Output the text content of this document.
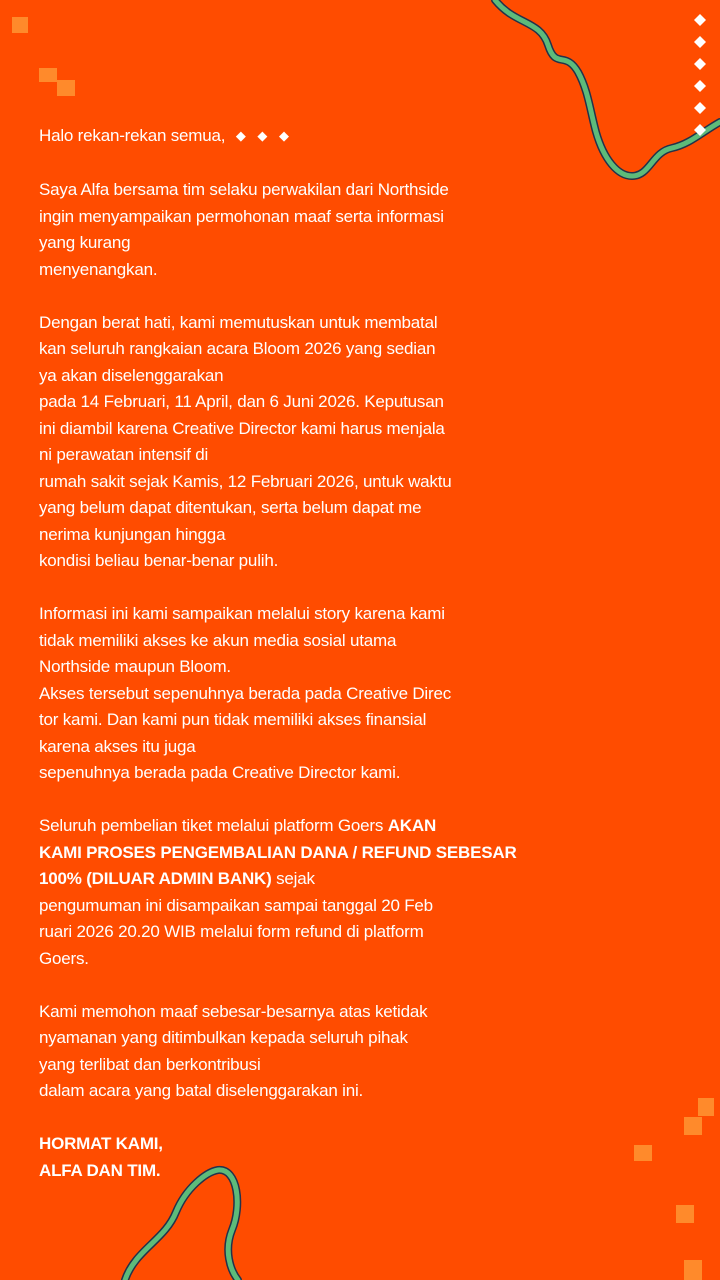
Halo rekan-rekan semua, ◆ ◆ ◆

Saya Alfa bersama tim selaku perwakilan dari Northside
ingin menyampaikan permohonan maaf serta informasi
yang kurang
menyenangkan.

Dengan berat hati, kami memutuskan untuk membatal
kan seluruh rangkaian acara Bloom 2026 yang sedian
ya akan diselenggarakan
pada 14 Februari, 11 April, dan 6 Juni 2026. Keputusan
ini diambil karena Creative Director kami harus menjala
ni perawatan intensif di
rumah sakit sejak Kamis, 12 Februari 2026, untuk waktu
yang belum dapat ditentukan, serta belum dapat me
nerima kunjungan hingga
kondisi beliau benar-benar pulih.

Informasi ini kami sampaikan melalui story karena kami
tidak memiliki akses ke akun media sosial utama
Northside maupun Bloom.
Akses tersebut sepenuhnya berada pada Creative Direc
tor kami. Dan kami pun tidak memiliki akses finansial
karena akses itu juga
sepenuhnya berada pada Creative Director kami.

Seluruh pembelian tiket melalui platform Goers AKAN
KAMI PROSES PENGEMBALIAN DANA / REFUND SEBESAR
100% (DILUAR ADMIN BANK) sejak
pengumuman ini disampaikan sampai tanggal 20 Feb
ruari 2026 20.20 WIB melalui form refund di platform
Goers.

Kami memohon maaf sebesar-besarnya atas ketidak
nyamanan yang ditimbulkan kepada seluruh pihak
yang terlibat dan berkontribusi
dalam acara yang batal diselenggarakan ini.

HORMAT KAMI,
ALFA DAN TIM.
